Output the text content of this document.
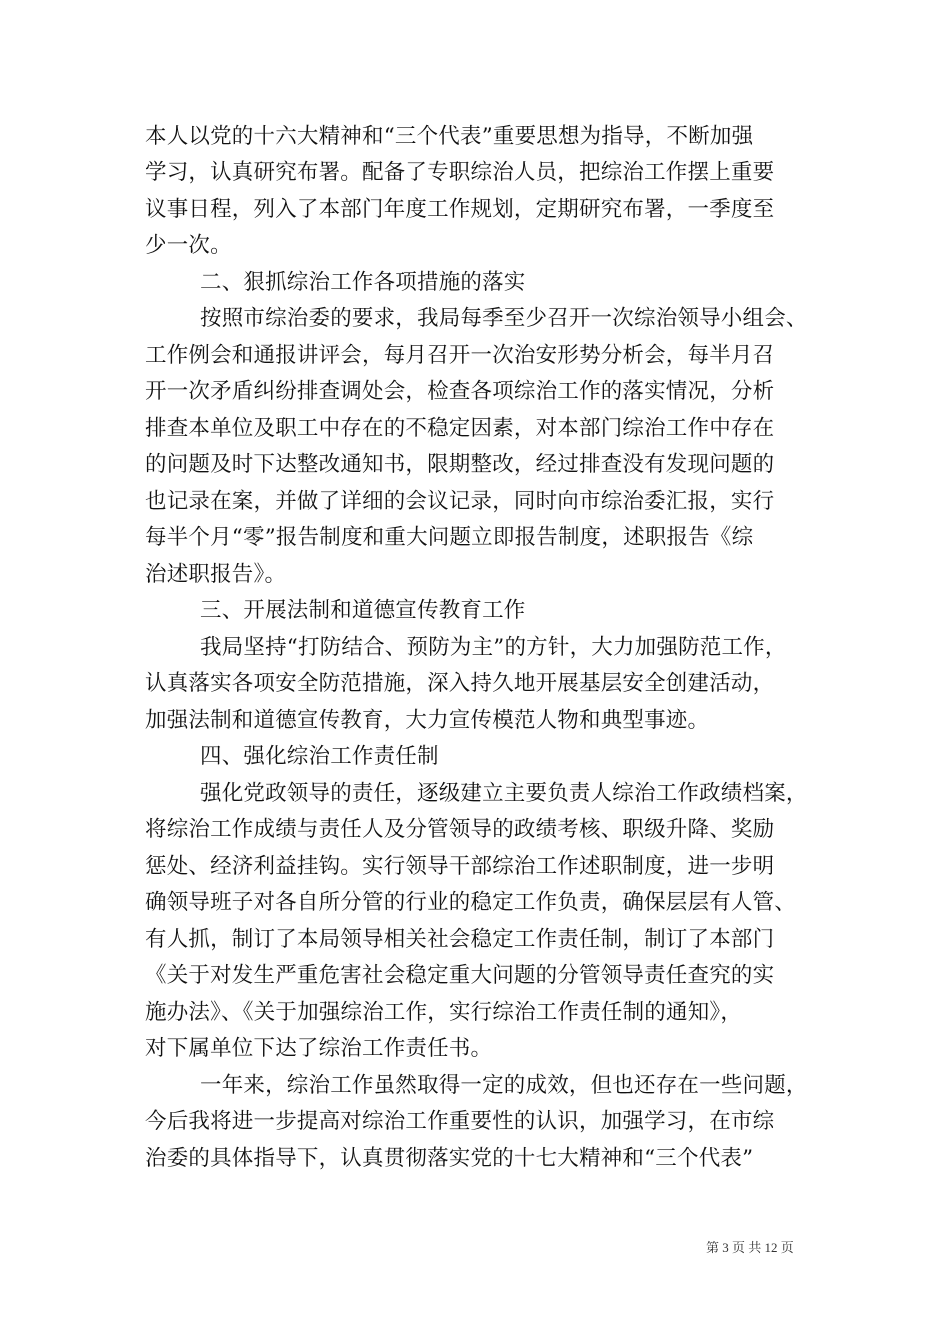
本人以党的十六大精神和“三个代表”重要思想为指导，不断加强
学习，认真研究布署。配备了专职综治人员，把综治工作摆上重要
议事日程，列入了本部门年度工作规划，定期研究布署，一季度至
少一次。
二、狠抓综治工作各项措施的落实
按照市综治委的要求，我局每季至少召开一次综治领导小组会、
工作例会和通报讲评会，每月召开一次治安形势分析会，每半月召
开一次矛盾纠纷排查调处会，检查各项综治工作的落实情况，分析
排查本单位及职工中存在的不稳定因素，对本部门综治工作中存在
的问题及时下达整改通知书，限期整改，经过排查没有发现问题的
也记录在案，并做了详细的会议记录，同时向市综治委汇报，实行
每半个月“零”报告制度和重大问题立即报告制度，述职报告《综
治述职报告》。
三、开展法制和道德宣传教育工作
我局坚持“打防结合、预防为主”的方针，大力加强防范工作，
认真落实各项安全防范措施，深入持久地开展基层安全创建活动，
加强法制和道德宣传教育，大力宣传模范人物和典型事迹。
四、强化综治工作责任制
强化党政领导的责任，逐级建立主要负责人综治工作政绩档案，
将综治工作成绩与责任人及分管领导的政绩考核、职级升降、奖励
惩处、经济利益挂钩。实行领导干部综治工作述职制度，进一步明
确领导班子对各自所分管的行业的稳定工作负责，确保层层有人管、
有人抓，制订了本局领导相关社会稳定工作责任制，制订了本部门
《关于对发生严重危害社会稳定重大问题的分管领导责任查究的实
施办法》、《关于加强综治工作，实行综治工作责任制的通知》，
对下属单位下达了综治工作责任书。
一年来，综治工作虽然取得一定的成效，但也还存在一些问题，
今后我将进一步提高对综治工作重要性的认识，加强学习，在市综
治委的具体指导下，认真贯彻落实党的十七大精神和“三个代表”
第 3 页 共 12 页
